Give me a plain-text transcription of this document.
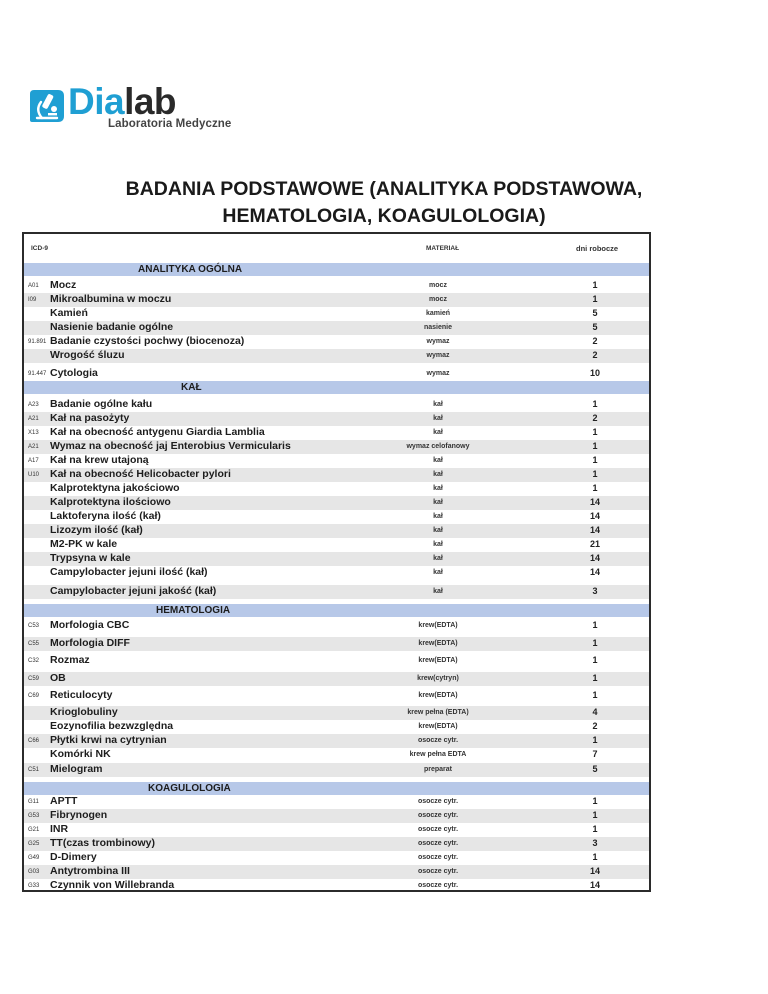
Dialab
Laboratoria Medyczne
BADANIA PODSTAWOWE (ANALITYKA PODSTAWOWA,
HEMATOLOGIA, KOAGULOLOGIA)
ICD-9	MATERIAŁ	dni robocze
ANALITYKA OGÓLNA
A01 Mocz	mocz	1
I09 Mikroalbumina w moczu	mocz	1
Kamień	kamień	5
Nasienie badanie ogólne	nasienie	5
91.891 Badanie czystości pochwy (biocenoza)	wymaz	2
Wrogość śluzu	wymaz	2
91.447 Cytologia	wymaz	10
KAŁ
A23 Badanie ogólne kału	kał	1
A21 Kał na pasożyty	kał	2
X13 Kał na obecność antygenu Giardia Lamblia	kał	1
A21 Wymaz na obecność jaj Enterobius Vermicularis	wymaz celofanowy	1
A17 Kał na krew utajoną	kał	1
U10 Kał na obecność Helicobacter pylori	kał	1
Kalprotektyna jakościowo	kał	1
Kalprotektyna ilościowo	kał	14
Laktoferyna ilość (kał)	kał	14
Lizozym ilość (kał)	kał	14
M2-PK w kale	kał	21
Trypsyna w kale	kał	14
Campylobacter jejuni ilość (kał)	kał	14
Campylobacter jejuni jakość (kał)	kał	3
HEMATOLOGIA
C53 Morfologia CBC	krew(EDTA)	1
C55 Morfologia DIFF	krew(EDTA)	1
C32 Rozmaz	krew(EDTA)	1
C59 OB	krew(cytryn)	1
C69 Reticulocyty	krew(EDTA)	1
Krioglobuliny	krew pełna (EDTA)	4
Eozynofilia bezwzględna	krew(EDTA)	2
C66 Płytki krwi na cytrynian	osocze cytr.	1
Komórki NK	krew pełna EDTA	7
C51 Mielogram	preparat	5
KOAGULOLOGIA
G11 APTT	osocze cytr.	1
G53 Fibrynogen	osocze cytr.	1
G21 INR	osocze cytr.	1
G25 TT(czas trombinowy)	osocze cytr.	3
G49 D-Dimery	osocze cytr.	1
G03 Antytrombina III	osocze cytr.	14
G33 Czynnik von Willebranda	osocze cytr.	14
